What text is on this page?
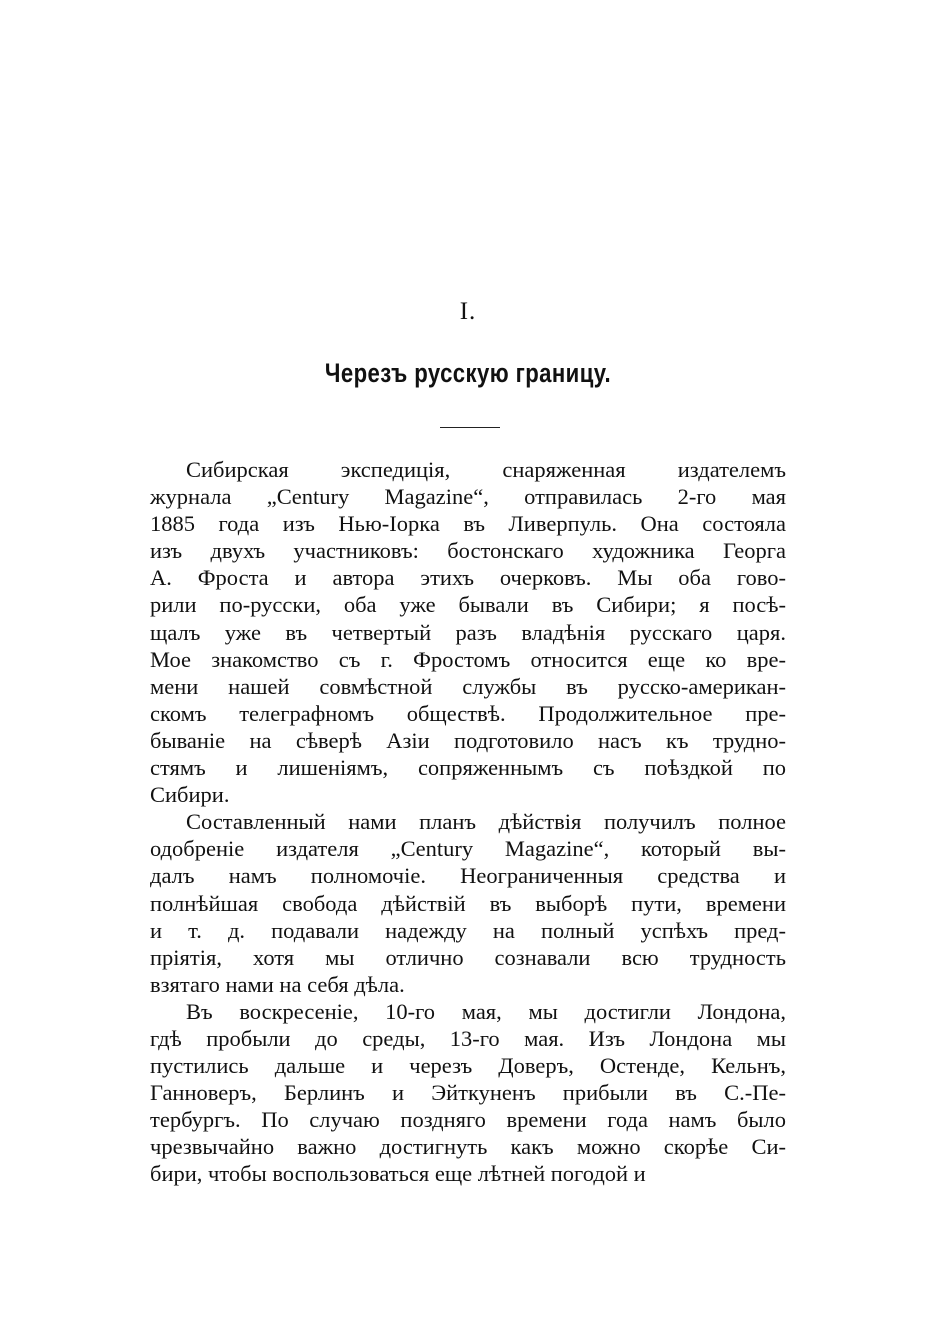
I.
Черезъ русскую границу.
Сибирская экспедиція, снаряженная издателемъ
журнала „Century Magazine“, отправилась 2-го мая
1885 года изъ Нью-Іорка въ Ливерпуль. Она состояла
изъ двухъ участниковъ: бостонскаго художника Георга
А. Фроста и автора этихъ очерковъ. Мы оба гово-
рили по-русски, оба уже бывали въ Сибири; я посѣ-
щалъ уже въ четвертый разъ владѣнія русскаго царя.
Мое знакомство съ г. Фростомъ относится еще ко вре-
мени нашей совмѣстной службы въ русско-американ-
скомъ телеграфномъ обществѣ. Продолжительное пре-
бываніе на сѣверѣ Азіи подготовило насъ къ трудно-
стямъ и лишеніямъ, сопряженнымъ съ поѣздкой по
Сибири.
Составленный нами планъ дѣйствія получилъ полное
одобреніе издателя „Century Magazine“, который вы-
далъ намъ полномочіе. Неограниченныя средства и
полнѣйшая свобода дѣйствій въ выборѣ пути, времени
и т. д. подавали надежду на полный успѣхъ пред-
пріятія, хотя мы отлично сознавали всю трудность
взятаго нами на себя дѣла.
Въ воскресеніе, 10-го мая, мы достигли Лондона,
гдѣ пробыли до среды, 13-го мая. Изъ Лондона мы
пустились дальше и черезъ Доверъ, Остенде, Кельнъ,
Ганноверъ, Берлинъ и Эйткуненъ прибыли въ С.-Пе-
тербургъ. По случаю поздняго времени года намъ было
чрезвычайно важно достигнуть какъ можно скорѣе Си-
бири, чтобы воспользоваться еще лѣтней погодой и
